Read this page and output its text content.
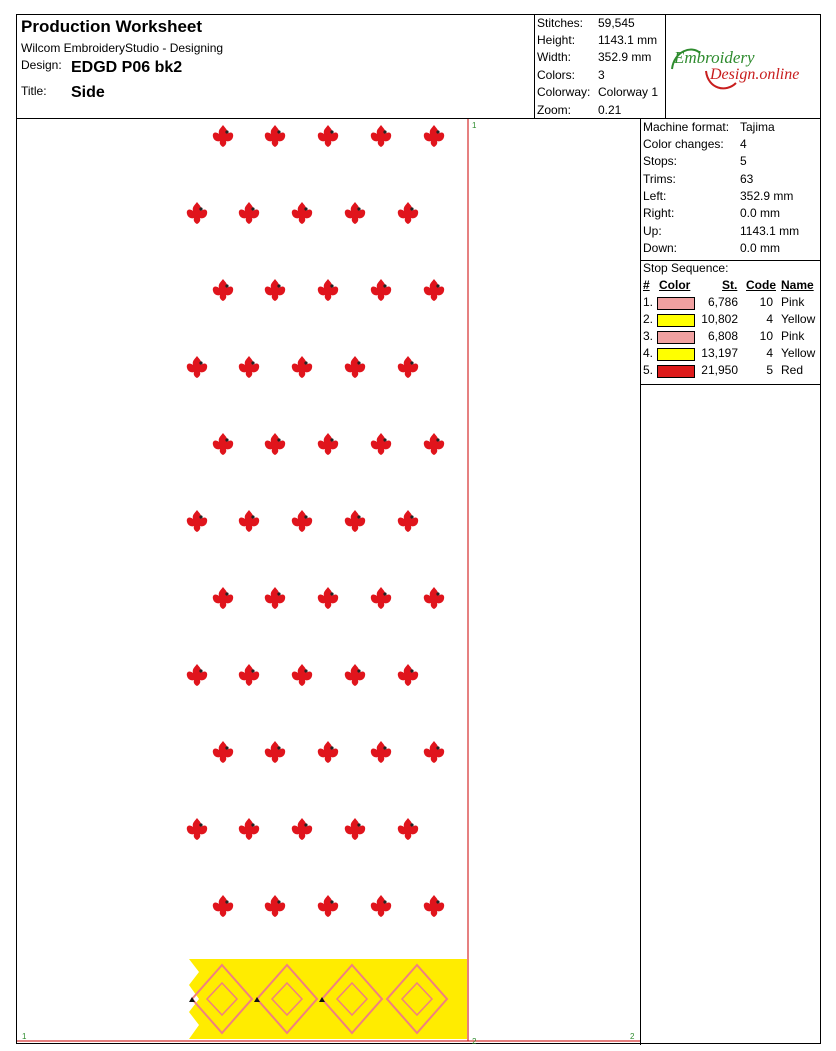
Production Worksheet
Wilcom EmbroideryStudio - Designing
Design: EDGD P06 bk2
Title: Side
Stitches: 59,545
Height: 1143.1 mm
Width: 352.9 mm
Colors: 3
Colorway: Colorway 1
Zoom: 0.21
Embroidery
Design.online
Machine format: Tajima
Color changes: 4
Stops:	5
Trims:	63
Left:	352.9 mm
Right:	0.0 mm
Up:	1143.1 mm
Down:	0.0 mm
Stop Sequence:
# Color	St. Code Name
1.	6,786 10 Pink
2.	10,802 4 Yellow
3.	6,808 10 Pink
4.	13,197 4 Yellow
5.	21,950 5 Red
1
1
2
2
